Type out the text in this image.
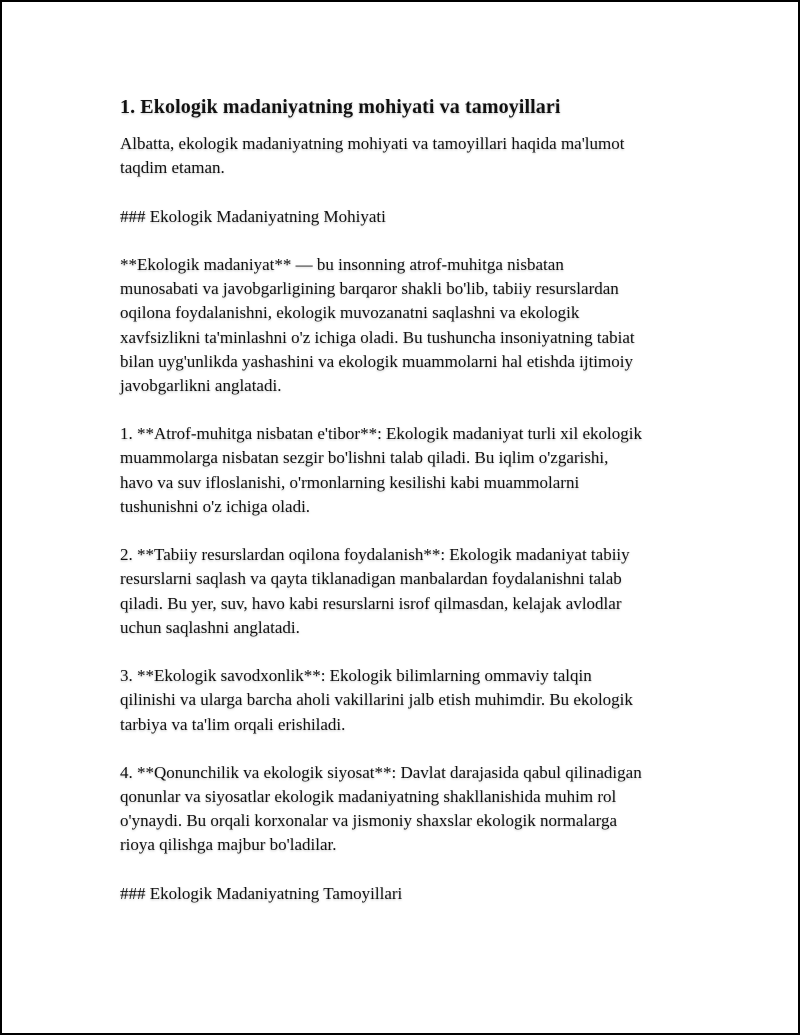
1. Ekologik madaniyatning mohiyati va tamoyillari
Albatta, ekologik madaniyatning mohiyati va tamoyillari haqida ma'lumot
taqdim etaman.
### Ekologik Madaniyatning Mohiyati
**Ekologik madaniyat** — bu insonning atrof-muhitga nisbatan
munosabati va javobgarligining barqaror shakli bo'lib, tabiiy resurslardan
oqilona foydalanishni, ekologik muvozanatni saqlashni va ekologik
xavfsizlikni ta'minlashni o'z ichiga oladi. Bu tushuncha insoniyatning tabiat
bilan uyg'unlikda yashashini va ekologik muammolarni hal etishda ijtimoiy
javobgarlikni anglatadi.
1. **Atrof-muhitga nisbatan e'tibor**: Ekologik madaniyat turli xil ekologik
muammolarga nisbatan sezgir bo'lishni talab qiladi. Bu iqlim o'zgarishi,
havo va suv ifloslanishi, o'rmonlarning kesilishi kabi muammolarni
tushunishni o'z ichiga oladi.
2. **Tabiiy resurslardan oqilona foydalanish**: Ekologik madaniyat tabiiy
resurslarni saqlash va qayta tiklanadigan manbalardan foydalanishni talab
qiladi. Bu yer, suv, havo kabi resurslarni isrof qilmasdan, kelajak avlodlar
uchun saqlashni anglatadi.
3. **Ekologik savodxonlik**: Ekologik bilimlarning ommaviy talqin
qilinishi va ularga barcha aholi vakillarini jalb etish muhimdir. Bu ekologik
tarbiya va ta'lim orqali erishiladi.
4. **Qonunchilik va ekologik siyosat**: Davlat darajasida qabul qilinadigan
qonunlar va siyosatlar ekologik madaniyatning shakllanishida muhim rol
o'ynaydi. Bu orqali korxonalar va jismoniy shaxslar ekologik normalarga
rioya qilishga majbur bo'ladilar.
### Ekologik Madaniyatning Tamoyillari
